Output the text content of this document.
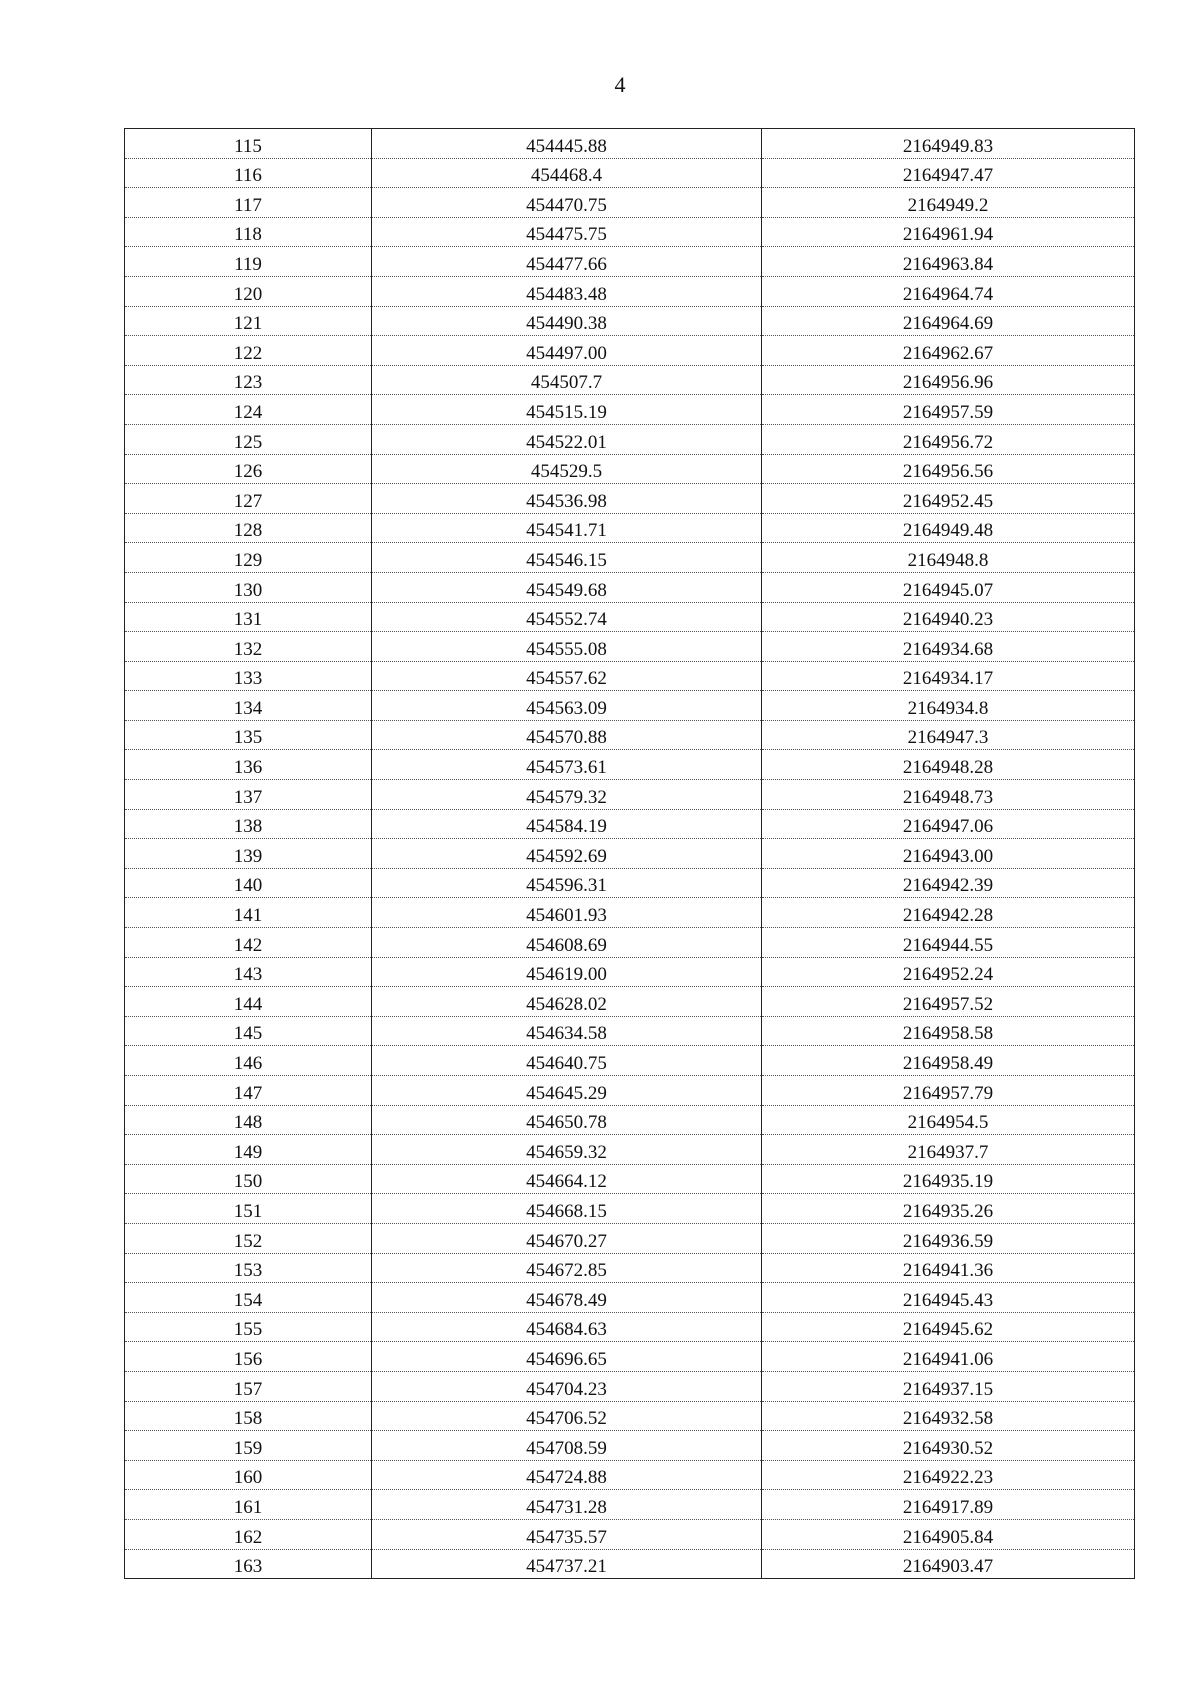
4
115	454445.88	2164949.83
116	454468.4	2164947.47
117	454470.75	2164949.2
118	454475.75	2164961.94
119	454477.66	2164963.84
120	454483.48	2164964.74
121	454490.38	2164964.69
122	454497.00	2164962.67
123	454507.7	2164956.96
124	454515.19	2164957.59
125	454522.01	2164956.72
126	454529.5	2164956.56
127	454536.98	2164952.45
128	454541.71	2164949.48
129	454546.15	2164948.8
130	454549.68	2164945.07
131	454552.74	2164940.23
132	454555.08	2164934.68
133	454557.62	2164934.17
134	454563.09	2164934.8
135	454570.88	2164947.3
136	454573.61	2164948.28
137	454579.32	2164948.73
138	454584.19	2164947.06
139	454592.69	2164943.00
140	454596.31	2164942.39
141	454601.93	2164942.28
142	454608.69	2164944.55
143	454619.00	2164952.24
144	454628.02	2164957.52
145	454634.58	2164958.58
146	454640.75	2164958.49
147	454645.29	2164957.79
148	454650.78	2164954.5
149	454659.32	2164937.7
150	454664.12	2164935.19
151	454668.15	2164935.26
152	454670.27	2164936.59
153	454672.85	2164941.36
154	454678.49	2164945.43
155	454684.63	2164945.62
156	454696.65	2164941.06
157	454704.23	2164937.15
158	454706.52	2164932.58
159	454708.59	2164930.52
160	454724.88	2164922.23
161	454731.28	2164917.89
162	454735.57	2164905.84
163	454737.21	2164903.47
